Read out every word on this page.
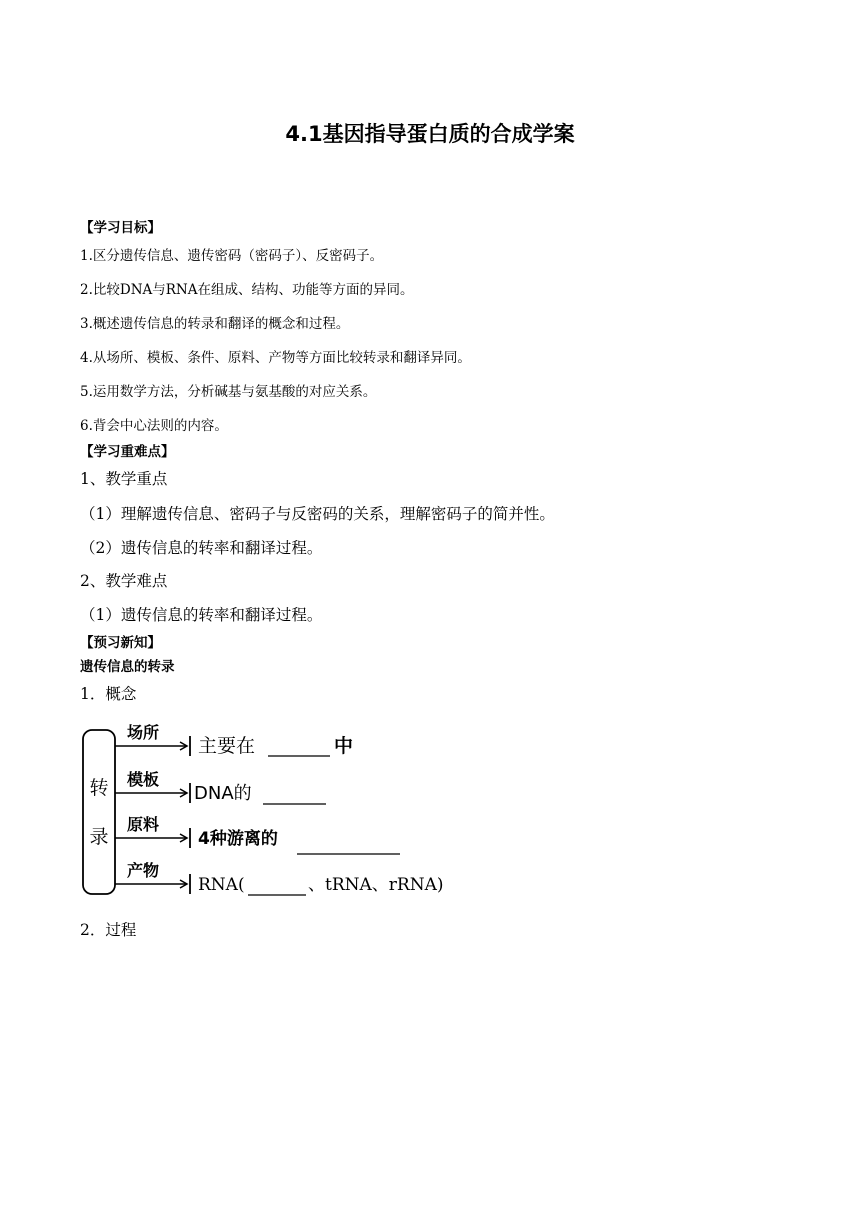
4.1基因指导蛋白质的合成学案
【学习目标】
1.区分遗传信息、遗传密码（密码子）、反密码子。
2.比较DNA与RNA在组成、结构、功能等方面的异同。
3.概述遗传信息的转录和翻译的概念和过程。
4.从场所、模板、条件、原料、产物等方面比较转录和翻译异同。
5.运用数学方法，分析碱基与氨基酸的对应关系。
6.背会中心法则的内容。
【学习重难点】
1、教学重点
（1）理解遗传信息、密码子与反密码的关系，理解密码子的简并性。
（2）遗传信息的转率和翻译过程。
2、教学难点
（1）遗传信息的转率和翻译过程。
【预习新知】
遗传信息的转录
1．概念
转
录
场所
主要在	中
模板
DNA的
原料
4种游离的
产物
RNA(	、tRNA、rRNA)
2．过程
